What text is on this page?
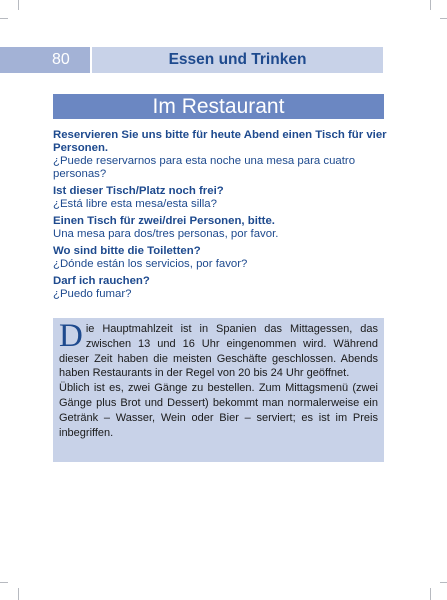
80	Essen und Trinken
Im Restaurant
Reservieren Sie uns bitte für heute Abend einen Tisch für vier Personen.
¿Puede reservarnos para esta noche una mesa para cuatro personas?
Ist dieser Tisch/Platz noch frei?
¿Está libre esta mesa/esta silla?
Einen Tisch für zwei/drei Personen, bitte.
Una mesa para dos/tres personas, por favor.
Wo sind bitte die Toiletten?
¿Dónde están los servicios, por favor?
Darf ich rauchen?
¿Puedo fumar?

Die Hauptmahlzeit ist in Spanien das Mittagessen, das zwischen 13 und 16 Uhr eingenommen wird. Während dieser Zeit haben die meisten Geschäfte geschlossen. Abends haben Restaurants in der Regel von 20 bis 24 Uhr geöffnet.

Üblich ist es, zwei Gänge zu bestellen. Zum Mittagsmenü (zwei Gänge plus Brot und Dessert) bekommt man normalerweise ein Getränk – Wasser, Wein oder Bier – serviert; es ist im Preis inbegriffen.
